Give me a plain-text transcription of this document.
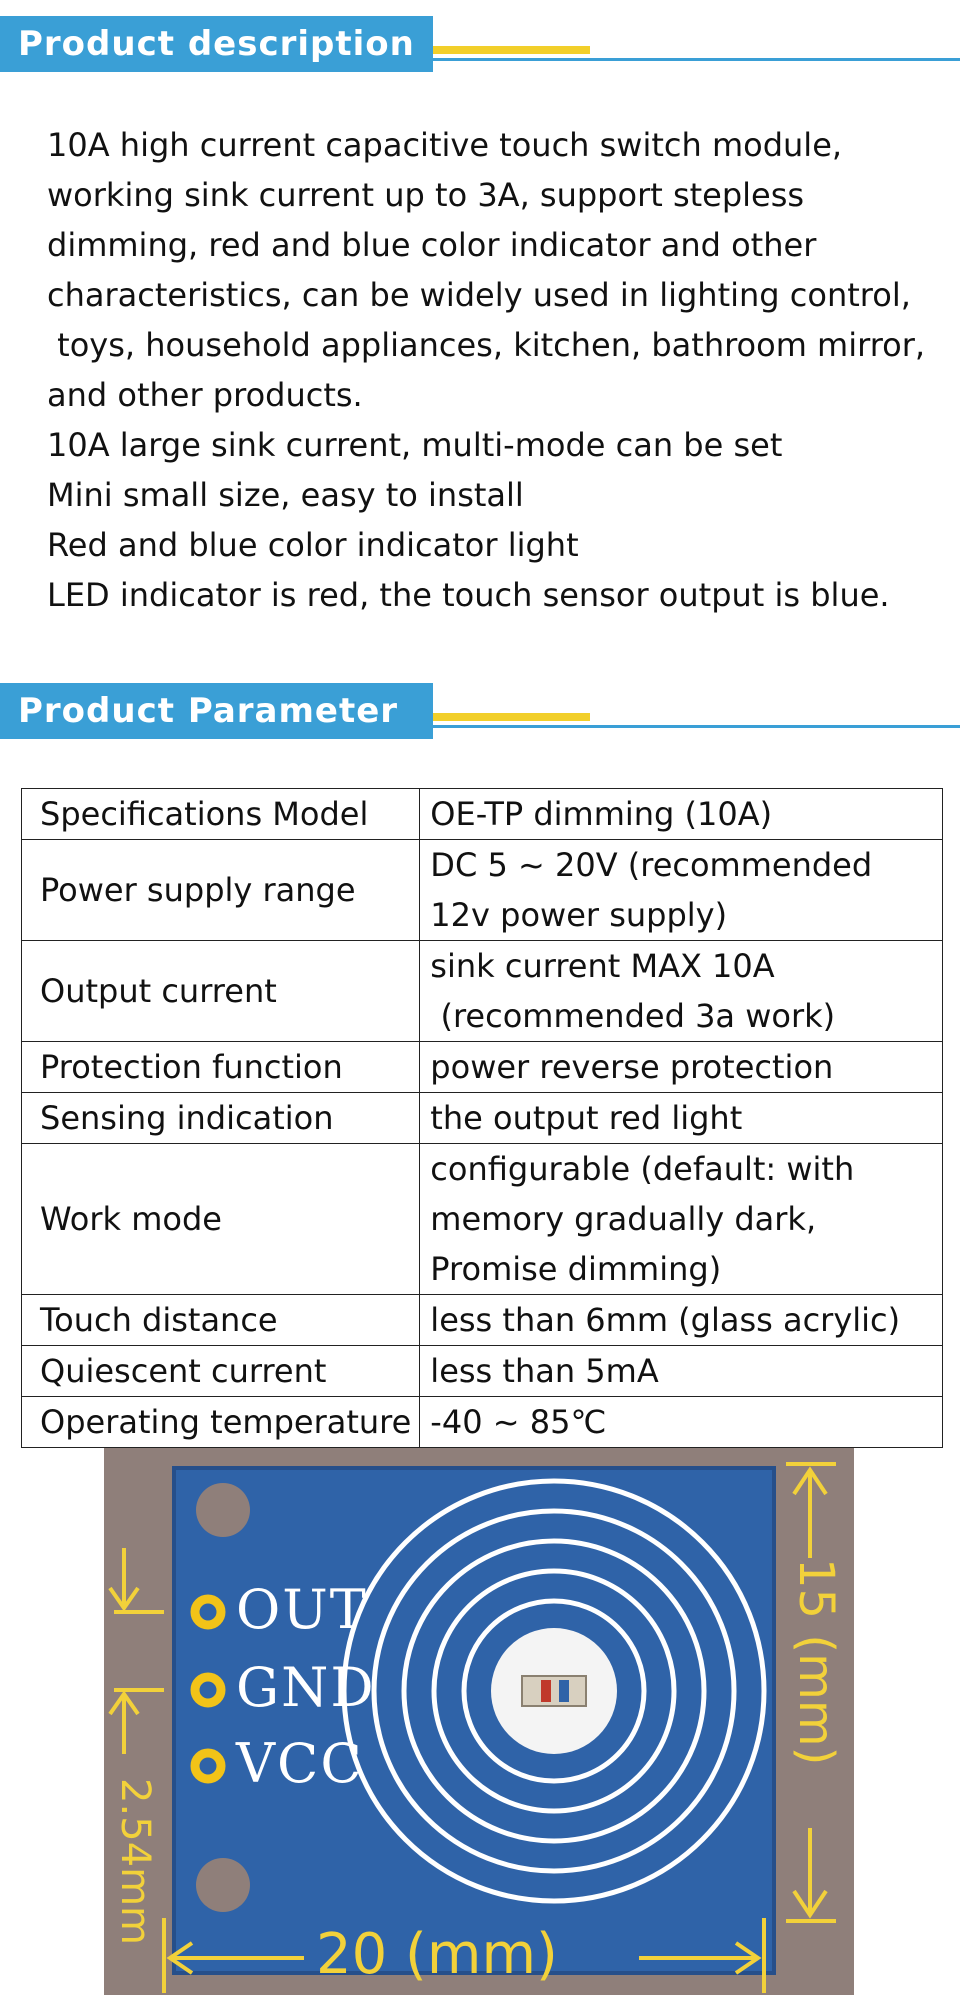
Product description
10A high current capacitive touch switch module,
working sink current up to 3A, support stepless
dimming, red and blue color indicator and other
characteristics, can be widely used in lighting control,
toys, household appliances, kitchen, bathroom mirror,
and other products.
10A large sink current, multi-mode can be set
Mini small size, easy to install
Red and blue color indicator light
LED indicator is red, the touch sensor output is blue.
Product Parameter
Specifications Model	OE-TP dimming (10A)
Power supply range	DC 5 ~ 20V (recommended 12v power supply)
Output current	sink current MAX 10A
(recommended 3a work)
Protection function	power reverse protection
Sensing indication	the output red light
Work mode	configurable (default: with memory gradually dark, Promise dimming)
Touch distance	less than 6mm (glass acrylic)
Quiescent current	less than 5mA
Operating temperature	-40 ~ 85℃
OUT
GND
VCC
20 (mm)
15 (mm)
2.54mm
